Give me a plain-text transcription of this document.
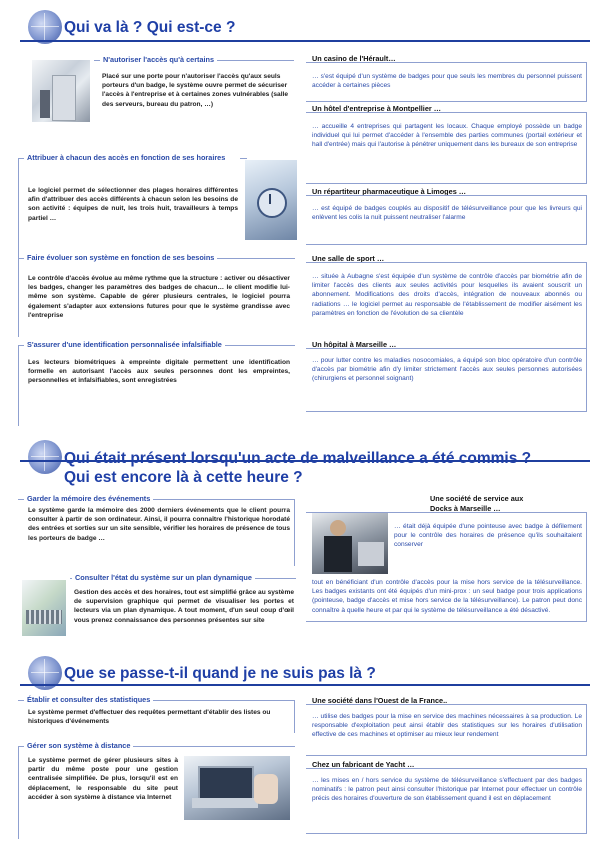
Qui va là ? Qui est-ce ?
N'autoriser l'accès qu'à certains
Placé sur une porte pour n'autoriser l'accès qu'aux seuls porteurs d'un badge, le système ouvre permet de sécuriser l'accès à l'entreprise et à certaines zones vulnérables (salle des serveurs, bureau du patron, …)
Attribuer à chacun des accès en fonction de ses horaires
Le logiciel permet de sélectionner des plages horaires différentes afin d'attribuer des accès différents à chacun selon les besoins de son activité : équipes de nuit, les trois huit, travailleurs à temps partiel …
Faire évoluer son système en fonction de ses besoins
Le contrôle d'accès évolue au même rythme que la structure : activer ou désactiver les badges, changer les paramètres des badges de chacun… le client modifie lui-même son système. Capable de gérer plusieurs centrales, le logiciel pourra également s'adapter aux extensions futures pour que le système grandisse avec l'entreprise
S'assurer d'une identification personnalisée infalsifiable
Les lecteurs biométriques à empreinte digitale permettent une identification formelle en autorisant l'accès aux seules personnes dont les empreintes, personnelles et infalsifiables, sont enregistrées
Un casino de l'Hérault…
… s'est équipé d'un système de badges pour que seuls les membres du personnel puissent accéder à certaines pièces
Un hôtel d'entreprise à Montpellier …
… accueille 4 entreprises qui partagent les locaux. Chaque employé possède un badge individuel qui lui permet d'accéder à l'ensemble des parties communes (portail extérieur et hall d'entrée) mais qui l'autorise à pénétrer uniquement dans les bureaux de son entreprise
Un répartiteur pharmaceutique à Limoges …
… est équipé de badges couplés au dispositif de télésurveillance pour que les livreurs qui enlèvent les colis la nuit puissent neutraliser l'alarme
Une salle de sport …
… située à Aubagne s'est équipée d'un système de contrôle d'accès par biométrie afin de limiter l'accès des clients aux seules activités pour lesquelles ils avaient souscrit un abonnement. Modifications des droits d'accès, intégration de nouveaux abonnés ou radiations … le logiciel permet au responsable de l'établissement de modifier aisément les paramètres en fonction de l'évolution de sa clientèle
Un hôpital à Marseille …
… pour lutter contre les maladies nosocomiales, a équipé son bloc opératoire d'un contrôle d'accès par biométrie afin d'y limiter strictement l'accès aux seules personnes autorisées (chirurgiens et personnel soignant)
Qui était présent lorsqu'un acte de malveillance a été commis ?
Qui est encore là à cette heure ?
Garder la mémoire des événements
Le système garde la mémoire des 2000 derniers événements que le client pourra consulter à partir de son ordinateur. Ainsi, il pourra connaître l'historique horodaté des entrées et sorties sur un site sensible, vérifier les horaires de présence de tous les porteurs de badge …
Consulter l'état du système sur un plan dynamique
Gestion des accès et des horaires, tout est simplifié grâce au système de supervision graphique qui permet de visualiser les portes et lecteurs via un plan dynamique. A tout moment, d'un seul coup d'œil vous prenez connaissance des personnes présentes sur site
Une société de service aux
Docks à Marseille …
… était déjà équipée d'une pointeuse avec badge à défilement pour le contrôle des horaires de présence qu'ils souhaitaient conserver
tout en bénéficiant d'un contrôle d'accès pour la mise hors service de la télésurveillance. Les badges existants ont été équipés d'un mini-prox : un seul badge pour trois applications (pointeuse, badge d'accès et mise hors service de la télésurveillance). Le patron peut donc connaître à quelle heure et par qui le système de télésurveillance a été désactivé.
Que se passe-t-il quand je ne suis pas là ?
Établir et consulter des statistiques
Le système permet d'effectuer des requêtes permettant d'établir des listes ou historiques d'événements
Gérer son système à distance
Le système permet de gérer plusieurs sites à partir du même poste pour une gestion centralisée simplifiée. De plus, lorsqu'il est en déplacement, le responsable du site peut accéder à son système à distance via Internet
Une société dans l'Ouest de la France..
… utilise des badges pour la mise en service des machines nécessaires à sa production. Le responsable d'exploitation peut ainsi établir des statistiques sur les horaires d'utilisation effective de ces machines et optimiser au mieux leur rendement
Chez un fabricant de Yacht …
… les mises en / hors service du système de télésurveillance s'effectuent par des badges nominatifs : le patron peut ainsi consulter l'historique par Internet pour effectuer un contrôle précis des horaires d'ouverture de son établissement quand il est en déplacement
